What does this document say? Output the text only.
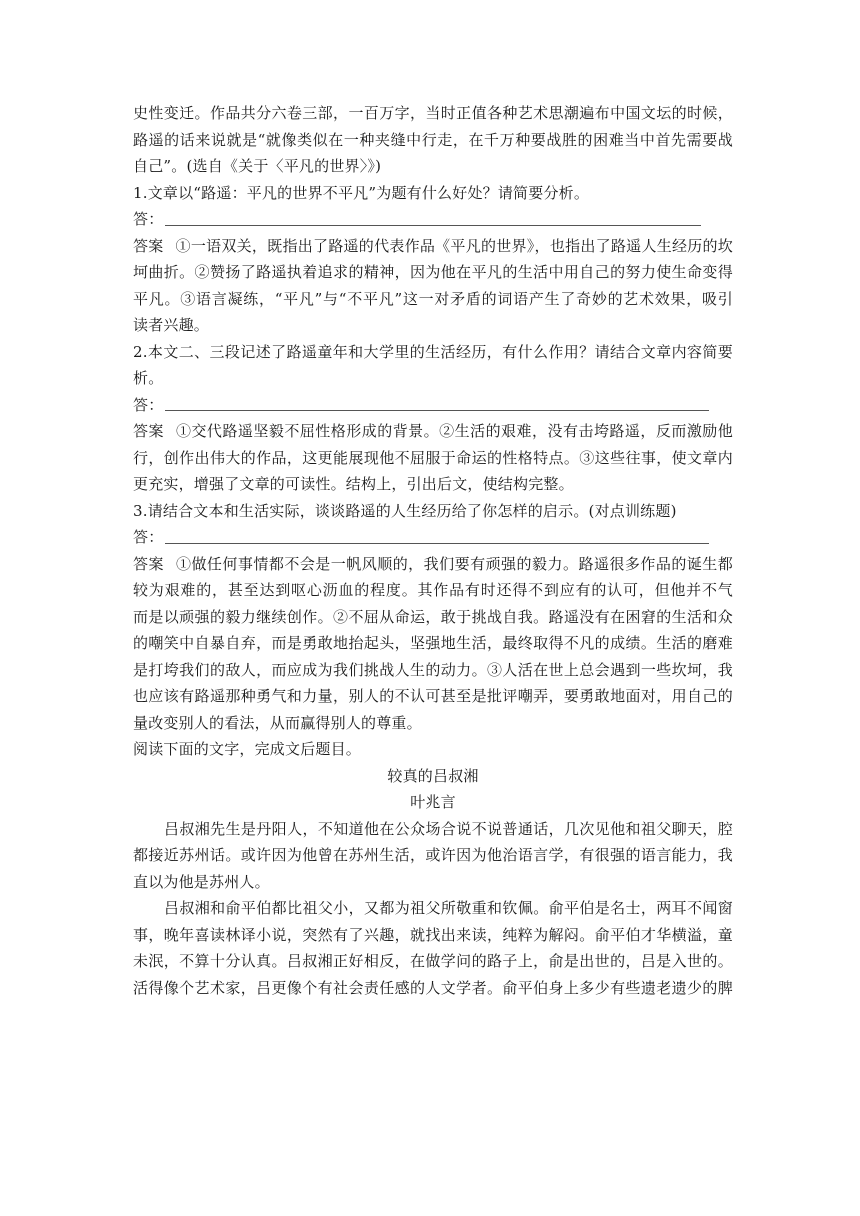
史性变迁。作品共分六卷三部，一百万字，当时正值各种艺术思潮遍布中国文坛的时候，
路遥的话来说就是“就像类似在一种夹缝中行走，在千万种要战胜的困难当中首先需要战
自己”。(选自《关于〈平凡的世界〉》)
1.文章以“路遥：平凡的世界不平凡”为题有什么好处？请简要分析。
答：
答案 ①一语双关，既指出了路遥的代表作品《平凡的世界》，也指出了路遥人生经历的坎
坷曲折。②赞扬了路遥执着追求的精神，因为他在平凡的生活中用自己的努力使生命变得
平凡。③语言凝练，“平凡”与“不平凡”这一对矛盾的词语产生了奇妙的艺术效果，吸引
读者兴趣。
2.本文二、三段记述了路遥童年和大学里的生活经历，有什么作用？请结合文章内容简要
析。
答：
答案 ①交代路遥坚毅不屈性格形成的背景。②生活的艰难，没有击垮路遥，反而激励他
行，创作出伟大的作品，这更能展现他不屈服于命运的性格特点。③这些往事，使文章内
更充实，增强了文章的可读性。结构上，引出后文，使结构完整。
3.请结合文本和生活实际，谈谈路遥的人生经历给了你怎样的启示。(对点训练题)
答：
答案 ①做任何事情都不会是一帆风顺的，我们要有顽强的毅力。路遥很多作品的诞生都
较为艰难的，甚至达到呕心沥血的程度。其作品有时还得不到应有的认可，但他并不气
而是以顽强的毅力继续创作。②不屈从命运，敢于挑战自我。路遥没有在困窘的生活和众
的嘲笑中自暴自弃，而是勇敢地抬起头，坚强地生活，最终取得不凡的成绩。生活的磨难
是打垮我们的敌人，而应成为我们挑战人生的动力。③人活在世上总会遇到一些坎坷，我
也应该有路遥那种勇气和力量，别人的不认可甚至是批评嘲弄，要勇敢地面对，用自己的
量改变别人的看法，从而赢得别人的尊重。
阅读下面的文字，完成文后题目。
较真的吕叔湘
叶兆言
吕叔湘先生是丹阳人，不知道他在公众场合说不说普通话，几次见他和祖父聊天，腔
都接近苏州话。或许因为他曾在苏州生活，或许因为他治语言学，有很强的语言能力，我
直以为他是苏州人。
吕叔湘和俞平伯都比祖父小，又都为祖父所敬重和钦佩。俞平伯是名士，两耳不闻窗
事，晚年喜读林译小说，突然有了兴趣，就找出来读，纯粹为解闷。俞平伯才华横溢，童
未泯，不算十分认真。吕叔湘正好相反，在做学问的路子上，俞是出世的，吕是入世的。
活得像个艺术家，吕更像个有社会责任感的人文学者。俞平伯身上多少有些遗老遗少的脾
